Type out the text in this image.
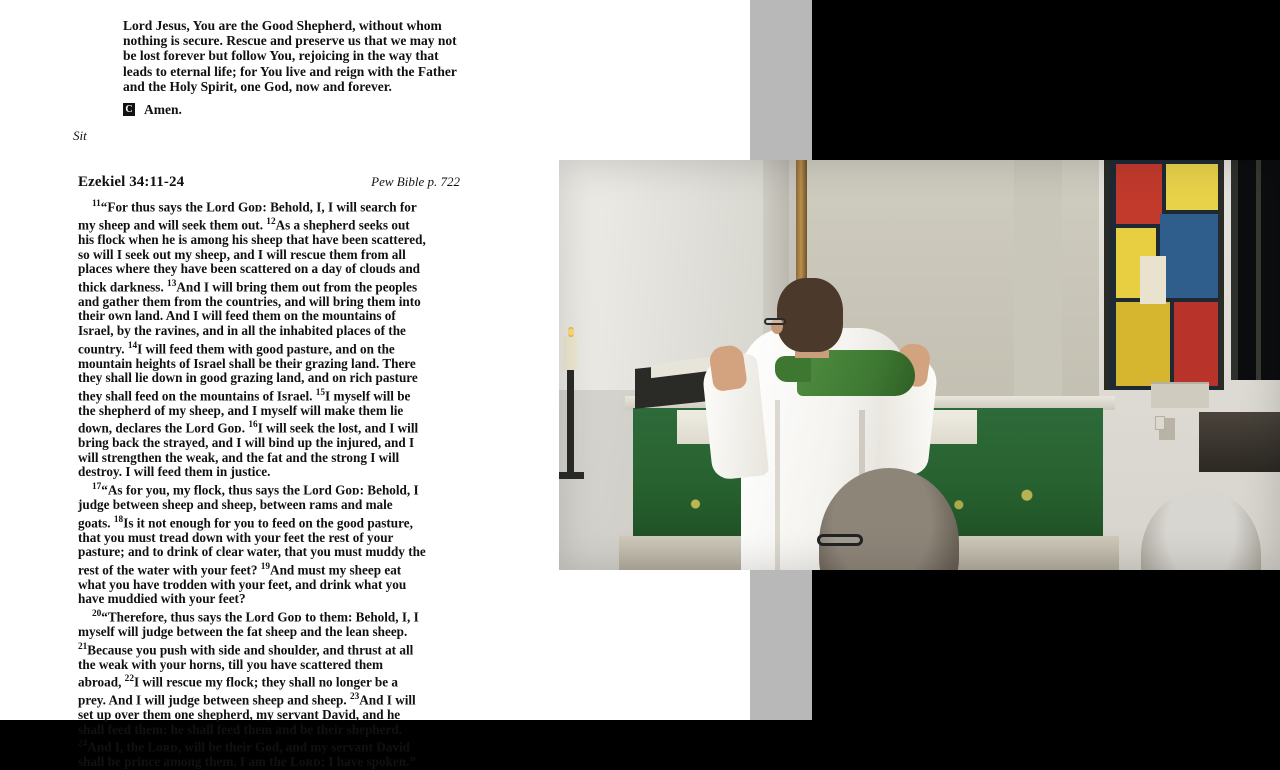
Lord Jesus, You are the Good Shepherd, without whom nothing is secure. Rescue and preserve us that we may not be lost forever but follow You, rejoicing in the way that leads to eternal life; for You live and reign with the Father and the Holy Spirit, one God, now and forever.
C Amen.
Sit
Ezekiel 34:11-24	Pew Bible p. 722

$^{11}$“For thus says the Lord Gᴏᴅ: Behold, I, I will search for my sheep and will seek them out. $^{12}$As a shepherd seeks out his flock when he is among his sheep that have been scattered, so will I seek out my sheep, and I will rescue them from all places where they have been scattered on a day of clouds and thick darkness. $^{13}$And I will bring them out from the peoples and gather them from the countries, and will bring them into their own land. And I will feed them on the mountains of Israel, by the ravines, and in all the inhabited places of the country. $^{14}$I will feed them with good pasture, and on the mountain heights of Israel shall be their grazing land. There they shall lie down in good grazing land, and on rich pasture they shall feed on the mountains of Israel. $^{15}$I myself will be the shepherd of my sheep, and I myself will make them lie down, declares the Lord Gᴏᴅ. $^{16}$I will seek the lost, and I will bring back the strayed, and I will bind up the injured, and I will strengthen the weak, and the fat and the strong I will destroy. I will feed them in justice.

$^{17}$“As for you, my flock, thus says the Lord Gᴏᴅ: Behold, I judge between sheep and sheep, between rams and male goats. $^{18}$Is it not enough for you to feed on the good pasture, that you must tread down with your feet the rest of your pasture; and to drink of clear water, that you must muddy the rest of the water with your feet? $^{19}$And must my sheep eat what you have trodden with your feet, and drink what you have muddied with your feet?

$^{20}$“Therefore, thus says the Lord Gᴏᴅ to them: Behold, I, I myself will judge between the fat sheep and the lean sheep. $^{21}$Because you push with side and shoulder, and thrust at all the weak with your horns, till you have scattered them abroad, $^{22}$I will rescue my flock; they shall no longer be a prey. And I will judge between sheep and sheep. $^{23}$And I will set up over them one shepherd, my servant David, and he shall feed them: he shall feed them and be their shepherd. $^{24}$And I, the Lᴏʀᴅ, will be their God, and my servant David shall be prince among them. I am the Lᴏʀᴅ; I have spoken.”
